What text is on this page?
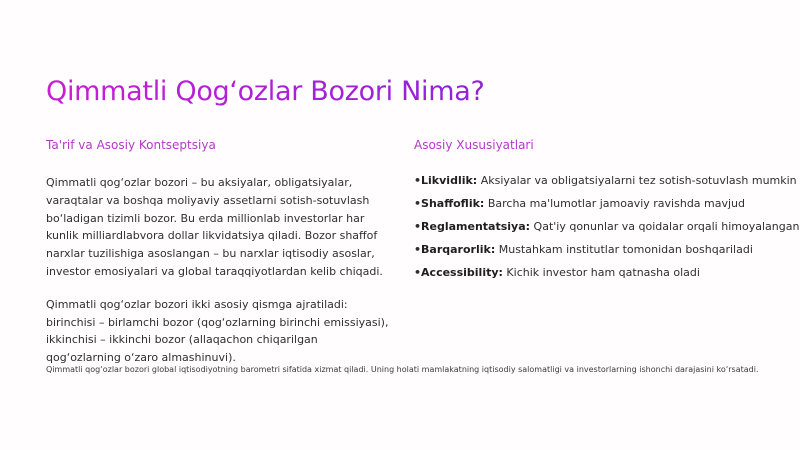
Qimmatli Qog‘ozlar Bozori Nima?
Ta'rif va Asosiy Kontseptsiya

Qimmatli qog‘ozlar bozori – bu aksiyalar, obligatsiyalar, varaqtalar va boshqa moliyaviy assetlarni sotish-sotuvlash bo‘ladigan tizimli bozor. Bu erda millionlab investorlar har kunlik milliardlabvora dollar likvidatsiya qiladi. Bozor shaffof narxlar tuzilishiga asoslangan – bu narxlar iqtisodiy asoslar, investor emosiyalari va global taraqqiyotlardan kelib chiqadi.

Qimmatli qog‘ozlar bozori ikki asosiy qismga ajratiladi: birinchisi – birlamchi bozor (qog‘ozlarning birinchi emissiyasi), ikkinchisi – ikkinchi bozor (allaqachon chiqarilgan qog‘ozlarning o‘zaro almashinuvi).

Asosiy Xususiyatlari
•Likvidlik: Aksiyalar va obligatsiyalarni tez sotish-sotuvlash mumkin
•Shaffoflik: Barcha ma'lumotlar jamoaviy ravishda mavjud
•Reglamentatsiya: Qat'iy qonunlar va qoidalar orqali himoyalangan
•Barqarorlik: Mustahkam institutlar tomonidan boshqariladi
•Accessibility: Kichik investor ham qatnasha oladi

Qimmatli qog‘ozlar bozori global iqtisodiyotning barometri sifatida xizmat qiladi. Uning holati mamlakatning iqtisodiy salomatligi va investorlarning ishonchi darajasini ko‘rsatadi.
